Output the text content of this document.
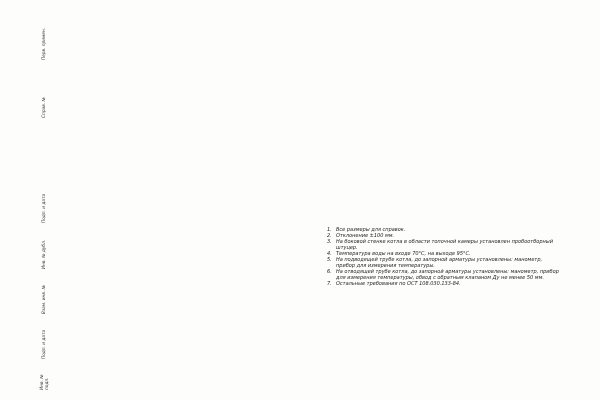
Перв. примен.
Справ. №
Подп. и дата
Инв. № дубл.
Взам. инв. №
Подп. и дата
Инв. № подл.
1. Все размеры для справок.
2. Отклонение ±100 мм.
3. На боковой стенке котла в области топочной камеры установлен пробоотборный штуцер.
4. Температура воды на входе 70°С, на выходе 95°С.
5. На подводящей трубе котла, до запорной арматуры установлены: манометр, прибор для измерения температуры.
6. На отводящей трубе котла, до запорной арматуры установлены: манометр, прибор для измерения температуры, обвод с обратным клапаном Ду не менее 50 мм.
7. Остальные требования по ОСТ 108.030.133-84.
